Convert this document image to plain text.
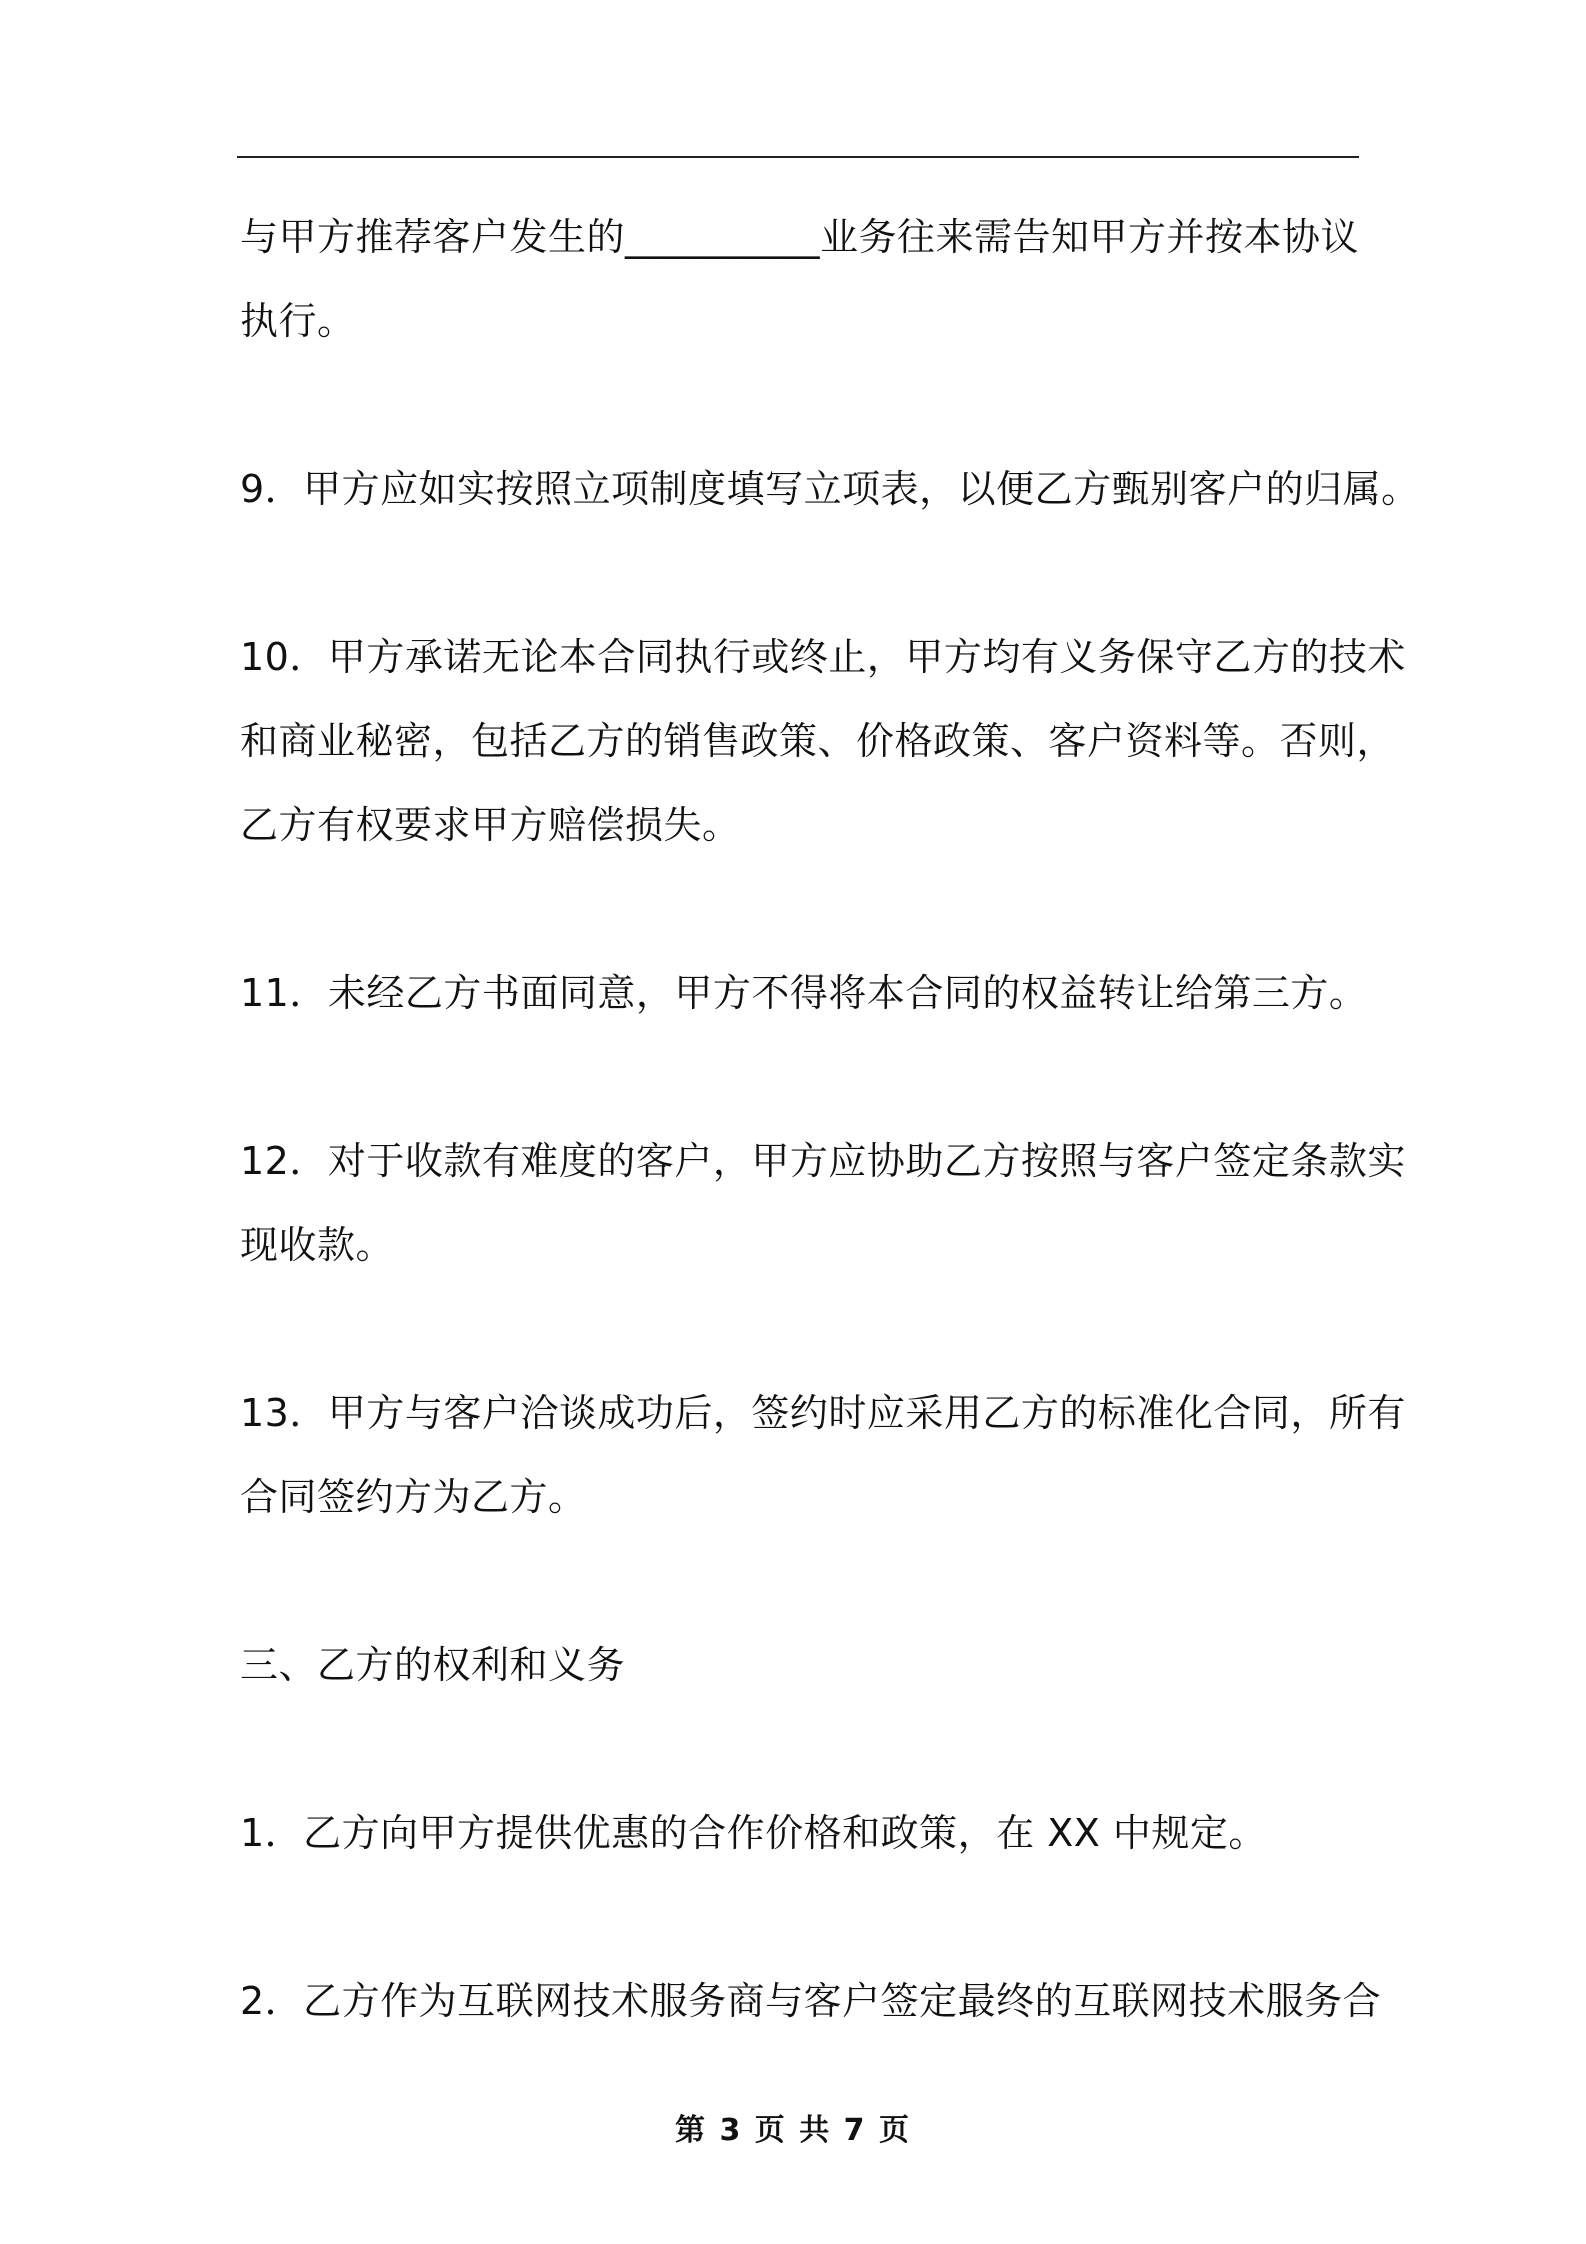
与甲方推荐客户发生的__________业务往来需告知甲方并按本协议
执行。
9．甲方应如实按照立项制度填写立项表，以便乙方甄别客户的归属。
10．甲方承诺无论本合同执行或终止，甲方均有义务保守乙方的技术
和商业秘密，包括乙方的销售政策、价格政策、客户资料等。否则，
乙方有权要求甲方赔偿损失。
11．未经乙方书面同意，甲方不得将本合同的权益转让给第三方。
12．对于收款有难度的客户，甲方应协助乙方按照与客户签定条款实
现收款。
13．甲方与客户洽谈成功后，签约时应采用乙方的标准化合同，所有
合同签约方为乙方。
三、乙方的权利和义务
1．乙方向甲方提供优惠的合作价格和政策，在 XX 中规定。
2．乙方作为互联网技术服务商与客户签定最终的互联网技术服务合
第 3 页 共 7 页
